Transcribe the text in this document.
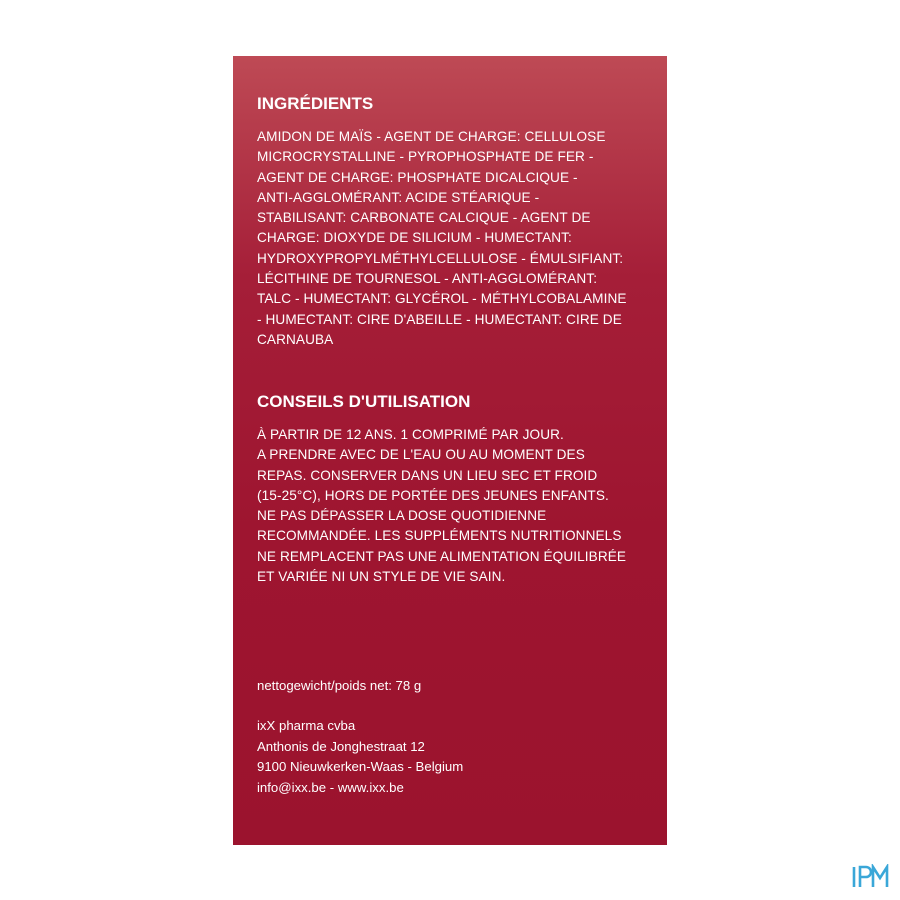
INGRÉDIENTS

AMIDON DE MAÏS - AGENT DE CHARGE: CELLULOSE
MICROCRYSTALLINE - PYROPHOSPHATE DE FER -
AGENT DE CHARGE: PHOSPHATE DICALCIQUE -
ANTI-AGGLOMÉRANT: ACIDE STÉARIQUE -
STABILISANT: CARBONATE CALCIQUE - AGENT DE
CHARGE: DIOXYDE DE SILICIUM - HUMECTANT:
HYDROXYPROPYLMÉTHYLCELLULOSE - ÉMULSIFIANT:
LÉCITHINE DE TOURNESOL - ANTI-AGGLOMÉRANT:
TALC - HUMECTANT: GLYCÉROL - MÉTHYLCOBALAMINE
- HUMECTANT: CIRE D'ABEILLE - HUMECTANT: CIRE DE
CARNAUBA

CONSEILS D'UTILISATION

À PARTIR DE 12 ANS. 1 COMPRIMÉ PAR JOUR.
A PRENDRE AVEC DE L'EAU OU AU MOMENT DES
REPAS. CONSERVER DANS UN LIEU SEC ET FROID
(15-25°C), HORS DE PORTÉE DES JEUNES ENFANTS.
NE PAS DÉPASSER LA DOSE QUOTIDIENNE
RECOMMANDÉE. LES SUPPLÉMENTS NUTRITIONNELS
NE REMPLACENT PAS UNE ALIMENTATION ÉQUILIBRÉE
ET VARIÉE NI UN STYLE DE VIE SAIN.

nettogewicht/poids net: 78 g

ixX pharma cvba
Anthonis de Jonghestraat 12
9100 Nieuwkerken-Waas - Belgium
info@ixx.be - www.ixx.be
